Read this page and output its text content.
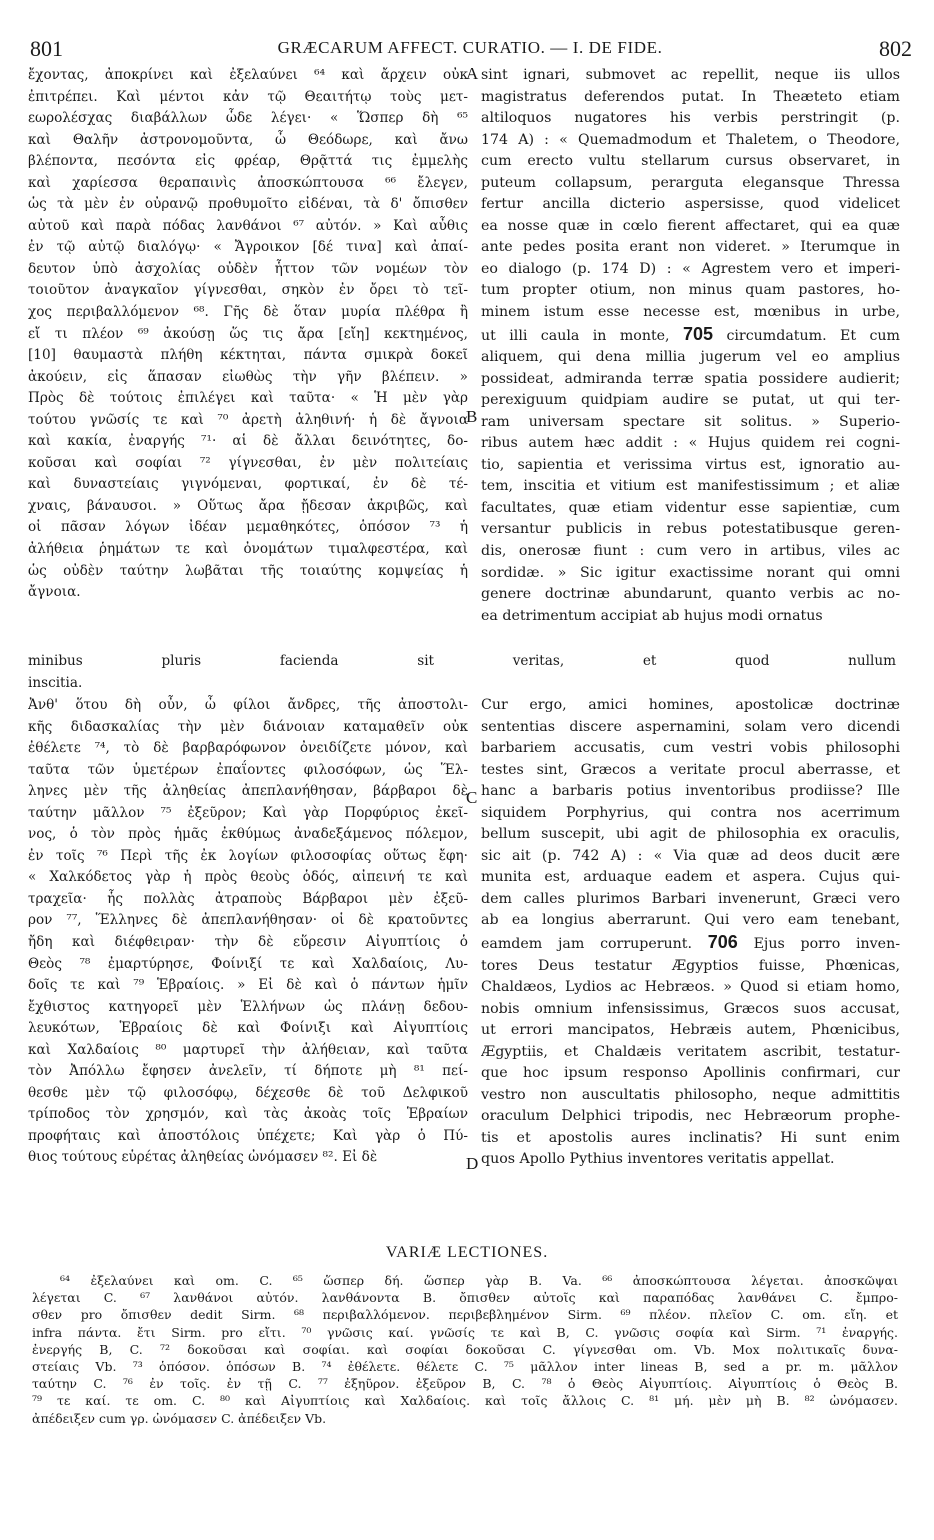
801	GRÆCARUM AFFECT. CURATIO. — I. DE FIDE.	802
ἔχοντας, ἀποκρίνει καὶ ἐξελαύνει ⁶⁴ καὶ ἄρχειν οὐκ
ἐπιτρέπει. Καὶ μέντοι κἀν τῷ Θεαιτήτῳ τοὺς μετ-
εωρολέσχας διαβάλλων ὧδε λέγει· « Ὥσπερ δὴ ⁶⁵
καὶ Θαλῆν ἀστρονομοῦντα, ὦ Θεόδωρε, καὶ ἄνω
βλέποντα, πεσόντα εἰς φρέαρ, Θρᾷττά τις ἐμμελὴς
καὶ χαρίεσσα θεραπαινὶς ἀποσκώπτουσα ⁶⁶ ἔλεγεν,
ὡς τὰ μὲν ἐν οὐρανῷ προθυμοῖτο εἰδέναι, τὰ δ' ὄπισθεν
αὐτοῦ καὶ παρὰ πόδας λανθάνοι ⁶⁷ αὐτόν. » Καὶ αὖθις
ἐν τῷ αὐτῷ διαλόγῳ· « Ἄγροικον [δέ τινα] καὶ ἀπαί-
δευτον ὑπὸ ἀσχολίας οὐδὲν ἧττον τῶν νομέων τὸν
τοιοῦτον ἀναγκαῖον γίγνεσθαι, σηκὸν ἐν ὄρει τὸ τεῖ-
χος περιβαλλόμενον ⁶⁸. Γῆς δὲ ὅταν μυρία πλέθρα ἢ
εἴ τι πλέον ⁶⁹ ἀκούσῃ ὥς τις ἄρα [εἴη] κεκτημένος,
[10] θαυμαστὰ πλήθη κέκτηται, πάντα σμικρὰ δοκεῖ
ἀκούειν, εἰς ἅπασαν εἰωθὼς τὴν γῆν βλέπειν. »
Πρὸς δὲ τούτοις ἐπιλέγει καὶ ταῦτα· « Ἡ μὲν γὰρ
τούτου γνῶσίς τε καὶ ⁷⁰ ἀρετὴ ἀληθινή· ἡ δὲ ἄγνοια
καὶ κακία, ἐναργής ⁷¹· αἱ δὲ ἄλλαι δεινότητες, δο-
κοῦσαι καὶ σοφίαι ⁷² γίγνεσθαι, ἐν μὲν πολιτείαις
καὶ δυναστείαις γιγνόμεναι, φορτικαί, ἐν δὲ τέ-
χναις, βάναυσοι. » Οὕτως ἄρα ᾔδεσαν ἀκριβῶς, καὶ
οἱ πᾶσαν λόγων ἰδέαν μεμαθηκότες, ὁπόσον ⁷³ ἡ
ἀλήθεια ῥημάτων τε καὶ ὀνομάτων τιμαλφεστέρα, καὶ
ὡς οὐδὲν ταύτην λωβᾶται τῆς τοιαύτης κομψείας ἡ
ἄγνοια.
sint ignari, submovet ac repellit, neque iis ullos
magistratus deferendos putat. In Theæteto etiam
altiloquos nugatores his verbis perstringit (p.
174 A) : « Quemadmodum et Thaletem, o Theodore,
cum erecto vultu stellarum cursus observaret, in
puteum collapsum, perarguta elegansque Thressa
fertur ancilla dicterio aspersisse, quod videlicet
ea nosse quæ in cœlo fierent affectaret, qui ea quæ
ante pedes posita erant non videret. » Iterumque in
eo dialogo (p. 174 D) : « Agrestem vero et imperi-
tum propter otium, non minus quam pastores, ho-
minem istum esse necesse est, mœnibus in urbe,
ut illi caula in monte, 705 circumdatum. Et cum
aliquem, qui dena millia jugerum vel eo amplius
possideat, admiranda terræ spatia possidere audierit;
perexiguum quidpiam audire se putat, ut qui ter-
ram universam spectare sit solitus. » Superio-
ribus autem hæc addit : « Hujus quidem rei cogni-
tio, sapientia et verissima virtus est, ignoratio au-
tem, inscitia et vitium est manifestissimum ; et aliæ
facultates, quæ etiam videntur esse sapientiæ, cum
versantur publicis in rebus potestatibusque geren-
dis, onerosæ fiunt : cum vero in artibus, viles ac
sordidæ. » Sic igitur exactissime norant qui omni
genere doctrinæ abundarunt, quanto verbis ac no-
ea detrimentum accipiat ab hujus modi ornatus
A
B
C
D
minibus pluris facienda sit veritas, et quod nullum
inscitia.
Ἀνθ' ὅτου δὴ οὖν, ὦ φίλοι ἄνδρες, τῆς ἀποστολι-
κῆς διδασκαλίας τὴν μὲν διάνοιαν καταμαθεῖν οὐκ
ἐθέλετε ⁷⁴, τὸ δὲ βαρβαρόφωνον ὀνειδίζετε μόνον, καὶ
ταῦτα τῶν ὑμετέρων ἐπαΐοντες φιλοσόφων, ὡς Ἕλ-
ληνες μὲν τῆς ἀληθείας ἀπεπλανήθησαν, βάρβαροι δὲ
ταύτην μᾶλλον ⁷⁵ ἐξεῦρον; Καὶ γὰρ Πορφύριος ἐκεῖ-
νος, ὁ τὸν πρὸς ἡμᾶς ἐκθύμως ἀναδεξάμενος πόλεμον,
ἐν τοῖς ⁷⁶ Περὶ τῆς ἐκ λογίων φιλοσοφίας οὕτως ἔφη·
« Χαλκόδετος γὰρ ἡ πρὸς θεοὺς ὁδός, αἰπεινή τε καὶ
τραχεῖα· ἧς πολλὰς ἀτραποὺς Βάρβαροι μὲν ἐξεῦ-
ρον ⁷⁷, Ἕλληνες δὲ ἀπεπλανήθησαν· οἱ δὲ κρατοῦντες
ἤδη καὶ διέφθειραν· τὴν δὲ εὕρεσιν Αἰγυπτίοις ὁ
Θεὸς ⁷⁸ ἐμαρτύρησε, Φοίνιξί τε καὶ Χαλδαίοις, Λυ-
δοῖς τε καὶ ⁷⁹ Ἑβραίοις. » Εἰ δὲ καὶ ὁ πάντων ἡμῖν
ἔχθιστος κατηγορεῖ μὲν Ἑλλήνων ὡς πλάνῃ δεδου-
λευκότων, Ἑβραίοις δὲ καὶ Φοίνιξι καὶ Αἰγυπτίοις
καὶ Χαλδαίοις ⁸⁰ μαρτυρεῖ τὴν ἀλήθειαν, καὶ ταῦτα
τὸν Ἀπόλλω ἔφησεν ἀνελεῖν, τί δήποτε μὴ ⁸¹ πεί-
θεσθε μὲν τῷ φιλοσόφῳ, δέχεσθε δὲ τοῦ Δελφικοῦ
τρίποδος τὸν χρησμόν, καὶ τὰς ἀκοὰς τοῖς Ἑβραίων
προφήταις καὶ ἀποστόλοις ὑπέχετε; Καὶ γὰρ ὁ Πύ-
θιος τούτους εὑρέτας ἀληθείας ὠνόμασεν ⁸². Εἰ δὲ
Cur ergo, amici homines, apostolicæ doctrinæ
sententias discere aspernamini, solam vero dicendi
barbariem accusatis, cum vestri vobis philosophi
testes sint, Græcos a veritate procul aberrasse, et
hanc a barbaris potius inventoribus prodiisse? Ille
siquidem Porphyrius, qui contra nos acerrimum
bellum suscepit, ubi agit de philosophia ex oraculis,
sic ait (p. 742 A) : « Via quæ ad deos ducit ære
munita est, arduaque eadem et aspera. Cujus qui-
dem calles plurimos Barbari invenerunt, Græci vero
ab ea longius aberrarunt. Qui vero eam tenebant,
eamdem jam corruperunt. 706 Ejus porro inven-
tores Deus testatur Ægyptios fuisse, Phœnicas,
Chaldæos, Lydios ac Hebræos. » Quod si etiam homo,
nobis omnium infensissimus, Græcos suos accusat,
ut errori mancipatos, Hebræis autem, Phœnicibus,
Ægyptiis, et Chaldæis veritatem ascribit, testatur-
que hoc ipsum responso Apollinis confirmari, cur
vestro non auscultatis philosopho, neque admittitis
oraculum Delphici tripodis, nec Hebræorum prophe-
tis et apostolis aures inclinatis? Hi sunt enim
quos Apollo Pythius inventores veritatis appellat.
VARIÆ LECTIONES.
⁶⁴ ἐξελαύνει καὶ om. C. ⁶⁵ ὥσπερ δή. ὥσπερ γὰρ B. Va. ⁶⁶ ἀποσκώπτουσα λέγεται. ἀποσκῶψαι
λέγεται C. ⁶⁷ λανθάνοι αὐτόν. λανθάνοντα B. ὄπισθεν αὐτοῖς καὶ παραπόδας λανθάνει C. ἔμπρο-
σθεν pro ὄπισθεν dedit Sirm. ⁶⁸ περιβαλλόμενον. περιβεβλημένον Sirm. ⁶⁹ πλέον. πλεῖον C. om. εἴη. et
infra πάντα. ἔτι Sirm. pro εἴτι. ⁷⁰ γνῶσις καί. γνῶσίς τε καὶ B, C. γνῶσις σοφία καὶ Sirm. ⁷¹ ἐναργής.
ἐνεργής B, C. ⁷² δοκοῦσαι καὶ σοφίαι. καὶ σοφίαι δοκοῦσαι C. γίγνεσθαι om. Vb. Mox πολιτικαῖς δυνα-
στείαις Vb. ⁷³ ὁπόσον. ὁπόσων B. ⁷⁴ ἐθέλετε. θέλετε C. ⁷⁵ μᾶλλον inter lineas B, sed a pr. m. μᾶλλον
ταύτην C. ⁷⁶ ἐν τοῖς. ἐν τῇ C. ⁷⁷ ἐξηῦρον. ἐξεῦρον B, C. ⁷⁸ ὁ Θεὸς Αἰγυπτίοις. Αἰγυπτίοις ὁ Θεὸς B.
⁷⁹ τε καί. τε om. C. ⁸⁰ καὶ Αἰγυπτίοις καὶ Χαλδαίοις. καὶ τοῖς ἄλλοις C. ⁸¹ μή. μὲν μὴ B. ⁸² ὠνόμασεν.
ἀπέδειξεν cum γρ. ὠνόμασεν C. ἀπέδειξεν Vb.
